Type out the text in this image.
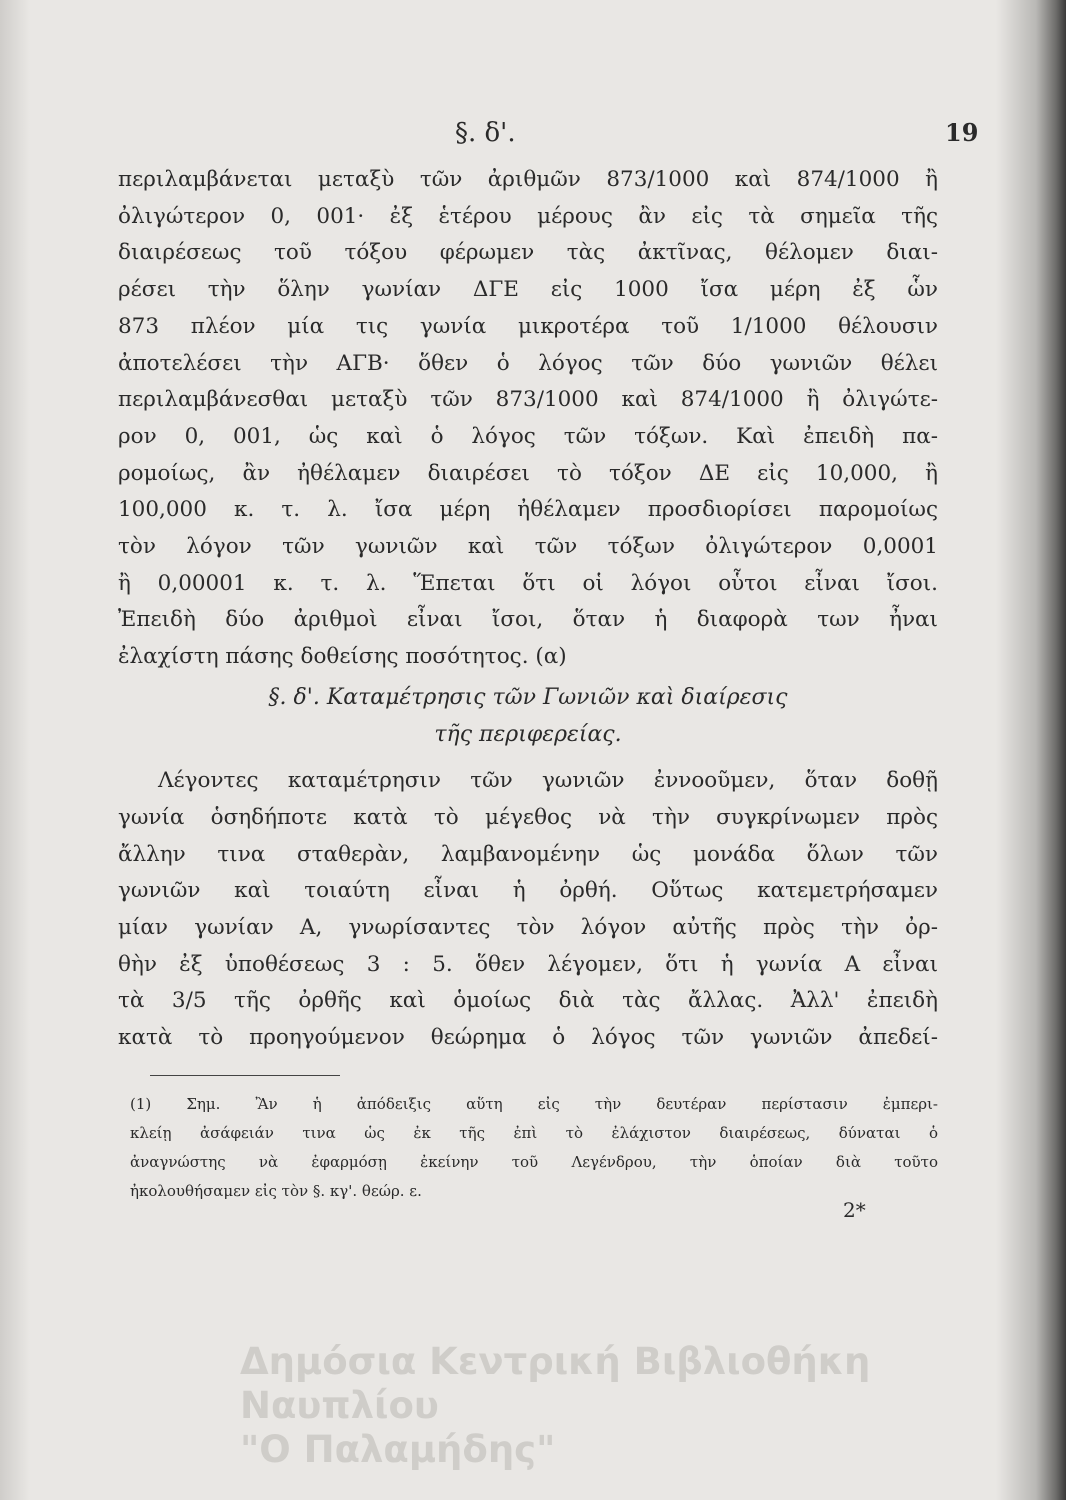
§. δ'.	19
περιλαμβάνεται μεταξὺ τῶν ἀριθμῶν 873/1000 καὶ 874/1000 ἢ
ὀλιγώτερον 0, 001· ἐξ ἑτέρου μέρους ἂν εἰς τὰ σημεῖα τῆς
διαιρέσεως τοῦ τόξου φέρωμεν τὰς ἀκτῖνας, θέλομεν διαι-
ρέσει τὴν ὅλην γωνίαν ΔΓΕ εἰς 1000 ἴσα μέρη ἐξ ὧν
873 πλέον μία τις γωνία μικροτέρα τοῦ 1/1000 θέλουσιν
ἀποτελέσει τὴν ΑΓΒ· ὅθεν ὁ λόγος τῶν δύο γωνιῶν θέλει
περιλαμβάνεσθαι μεταξὺ τῶν 873/1000 καὶ 874/1000 ἢ ὀλιγώτε-
ρον 0, 001, ὡς καὶ ὁ λόγος τῶν τόξων. Καὶ ἐπειδὴ πα-
ρομοίως, ἂν ἠθέλαμεν διαιρέσει τὸ τόξον ΔΕ εἰς 10,000, ἢ
100,000 κ. τ. λ. ἴσα μέρη ἠθέλαμεν προσδιορίσει παρομοίως
τὸν λόγον τῶν γωνιῶν καὶ τῶν τόξων ὀλιγώτερον 0,0001
ἢ 0,00001 κ. τ. λ. Ἕπεται ὅτι οἱ λόγοι οὗτοι εἶναι ἴσοι.
Ἐπειδὴ δύο ἀριθμοὶ εἶναι ἴσοι, ὅταν ἡ διαφορὰ των ἦναι
ἐλαχίστη πάσης δοθείσης ποσότητος. (α)
§. δ'. Καταμέτρησις τῶν Γωνιῶν καὶ διαίρεσις
τῆς περιφερείας.
Λέγοντες καταμέτρησιν τῶν γωνιῶν ἐννοοῦμεν, ὅταν δοθῇ
γωνία ὁσηδήποτε κατὰ τὸ μέγεθος νὰ τὴν συγκρίνωμεν πρὸς
ἄλλην τινα σταθερὰν, λαμβανομένην ὡς μονάδα ὅλων τῶν
γωνιῶν καὶ τοιαύτη εἶναι ἡ ὀρθή. Οὕτως κατεμετρήσαμεν
μίαν γωνίαν Α, γνωρίσαντες τὸν λόγον αὐτῆς πρὸς τὴν ὀρ-
θὴν ἐξ ὑποθέσεως 3 : 5. ὅθεν λέγομεν, ὅτι ἡ γωνία Α εἶναι
τὰ 3/5 τῆς ὀρθῆς καὶ ὁμοίως διὰ τὰς ἄλλας. Ἀλλ' ἐπειδὴ
κατὰ τὸ προηγούμενον θεώρημα ὁ λόγος τῶν γωνιῶν ἀπεδεί-
(1) Σημ. Ἂν ἡ ἀπόδειξις αὕτη εἰς τὴν δευτέραν περίστασιν ἐμπερι-
κλείῃ ἀσάφειάν τινα ὡς ἐκ τῆς ἐπὶ τὸ ἐλάχιστον διαιρέσεως, δύναται ὁ
ἀναγνώστης νὰ ἐφαρμόσῃ ἐκείνην τοῦ Λεγένδρου, τὴν ὁποίαν διὰ τοῦτο
ἠκολουθήσαμεν εἰς τὸν §. κγ'. θεώρ. ε.
2*
Δημόσια Κεντρική Βιβλιοθήκη Ναυπλίου
"Ο Παλαμήδης"
